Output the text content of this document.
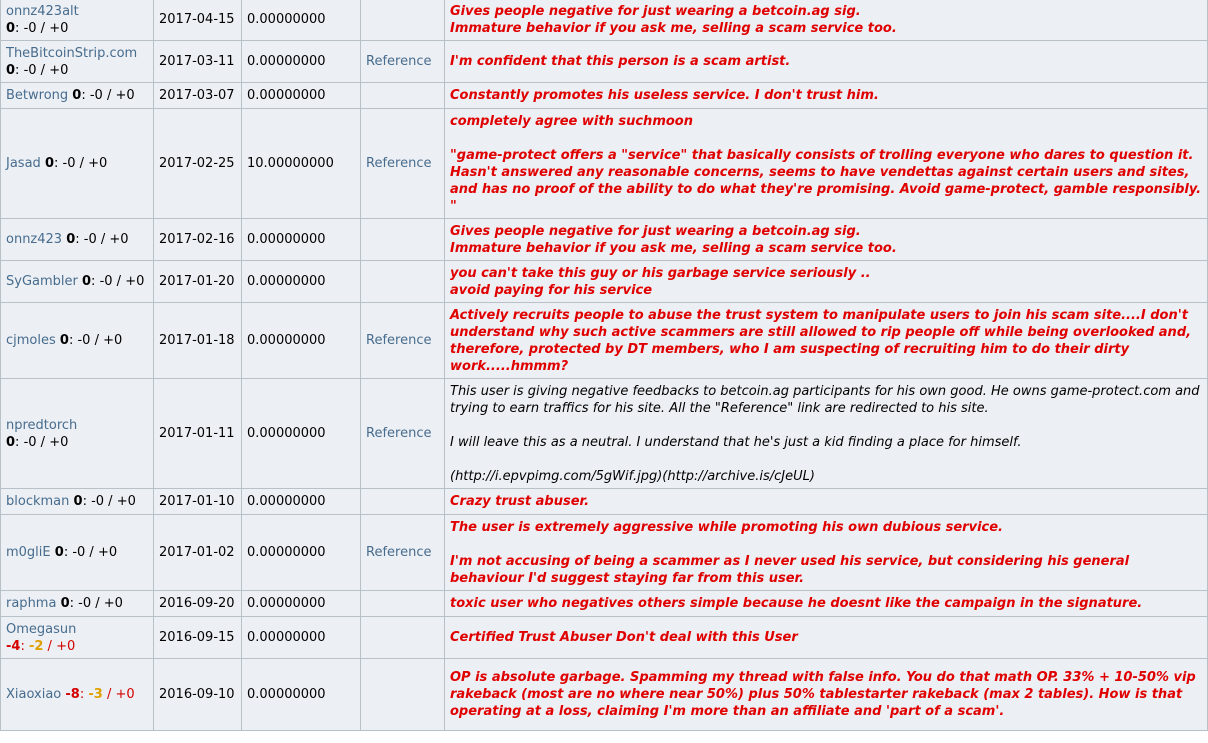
onnz423alt
0: -0 / +0	2017-04-15	0.00000000		Gives people negative for just wearing a betcoin.ag sig.
Immature behavior if you ask me, selling a scam service too.
TheBitcoinStrip.com
0: -0 / +0	2017-03-11	0.00000000	Reference	I'm confident that this person is a scam artist.
Betwrong 0: -0 / +0	2017-03-07	0.00000000		Constantly promotes his useless service. I don't trust him.
Jasad 0: -0 / +0	2017-02-25	10.00000000	Reference	completely agree with suchmoon

"game-protect offers a "service" that basically consists of trolling everyone who dares to question it. Hasn't answered any reasonable concerns, seems to have vendettas against certain users and sites, and has no proof of the ability to do what they're promising. Avoid game-protect, gamble responsibly.
"
onnz423 0: -0 / +0	2017-02-16	0.00000000		Gives people negative for just wearing a betcoin.ag sig.
Immature behavior if you ask me, selling a scam service too.
SyGambler 0: -0 / +0	2017-01-20	0.00000000		you can't take this guy or his garbage service seriously ..
avoid paying for his service
cjmoles 0: -0 / +0	2017-01-18	0.00000000	Reference	Actively recruits people to abuse the trust system to manipulate users to join his scam site....I don't understand why such active scammers are still allowed to rip people off while being overlooked and, therefore, protected by DT members, who I am suspecting of recruiting him to do their dirty work.....hmmm?
npredtorch
0: -0 / +0	2017-01-11	0.00000000	Reference	This user is giving negative feedbacks to betcoin.ag participants for his own good. He owns game-protect.com and trying to earn traffics for his site. All the "Reference" link are redirected to his site.

I will leave this as a neutral. I understand that he's just a kid finding a place for himself.

(http://i.epvpimg.com/5gWif.jpg)(http://archive.is/cJeUL)
blockman 0: -0 / +0	2017-01-10	0.00000000		Crazy trust abuser.
m0gliE 0: -0 / +0	2017-01-02	0.00000000	Reference	The user is extremely aggressive while promoting his own dubious service.

I'm not accusing of being a scammer as I never used his service, but considering his general behaviour I'd suggest staying far from this user.
raphma 0: -0 / +0	2016-09-20	0.00000000		toxic user who negatives others simple because he doesnt like the campaign in the signature.
Omegasun
-4: -2 / +0	2016-09-15	0.00000000		Certified Trust Abuser Don't deal with this User
Xiaoxiao -8: -3 / +0	2016-09-10	0.00000000		OP is absolute garbage. Spamming my thread with false info. You do that math OP. 33% + 10-50% vip rakeback (most are no where near 50%) plus 50% tablestarter rakeback (max 2 tables). How is that operating at a loss, claiming I'm more than an affiliate and 'part of a scam'.
